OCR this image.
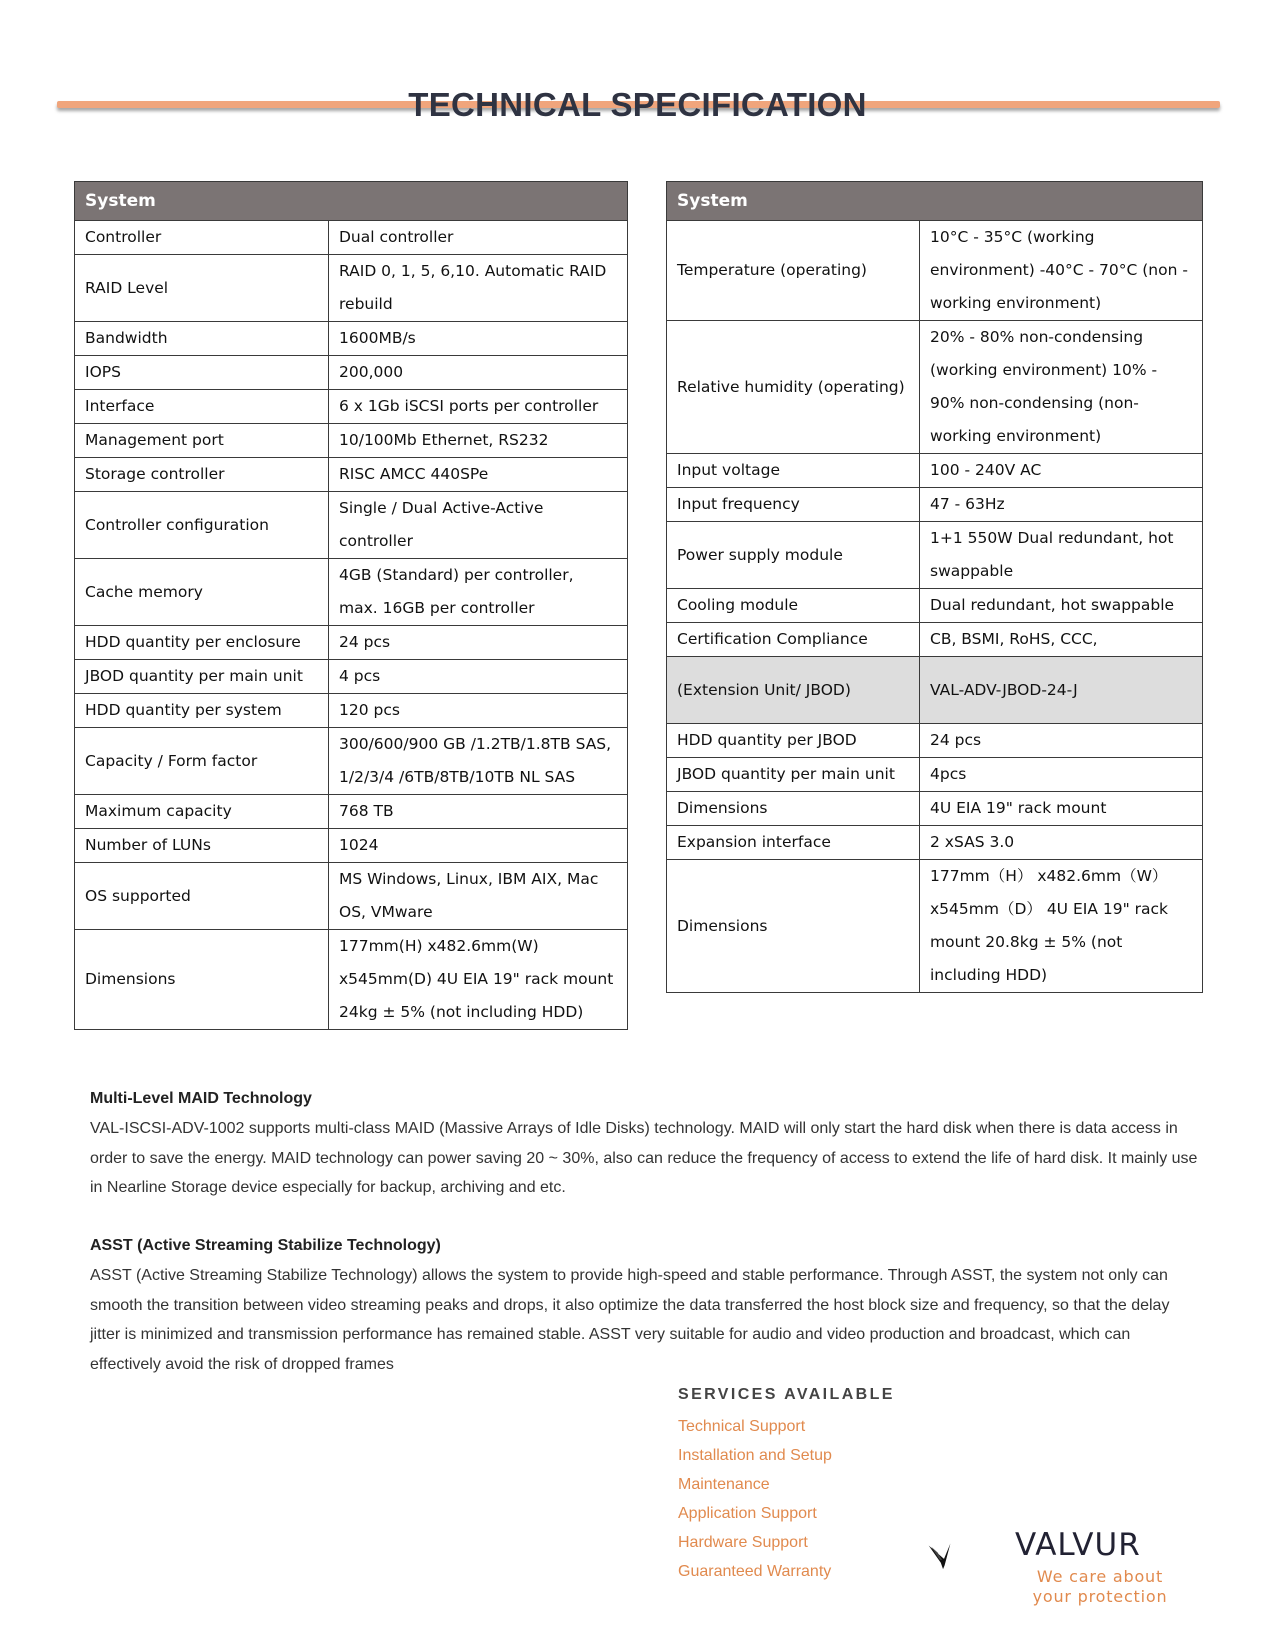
TECHNICAL SPECIFICATION
System	
Controller	Dual controller
RAID Level	RAID 0, 1, 5, 6,10. Automatic RAID rebuild
Bandwidth	1600MB/s
IOPS	200,000
Interface	6 x 1Gb iSCSI ports per controller
Management port	10/100Mb Ethernet, RS232
Storage controller	RISC AMCC 440SPe
Controller configuration	Single / Dual Active-Active controller
Cache memory	4GB (Standard) per controller, max. 16GB per controller
HDD quantity per enclosure	24 pcs
JBOD quantity per main unit	4 pcs
HDD quantity per system	120 pcs
Capacity / Form factor	300/600/900 GB /1.2TB/1.8TB SAS, 1/2/3/4 /6TB/8TB/10TB NL SAS
Maximum capacity	768 TB
Number of LUNs	1024
OS supported	MS Windows, Linux, IBM AIX, Mac OS, VMware
Dimensions	177mm(H) x482.6mm(W) x545mm(D) 4U EIA 19" rack mount 24kg ± 5% (not including HDD)
System	
Temperature (operating)	10°C - 35°C (working environment) -40°C - 70°C (non - working environment)
Relative humidity (operating)	20% - 80% non-condensing (working environment) 10% - 90% non-condensing (non-working environment)
Input voltage	100 - 240V AC
Input frequency	47 - 63Hz
Power supply module	1+1 550W Dual redundant, hot swappable
Cooling module	Dual redundant, hot swappable
Certification Compliance	CB, BSMI, RoHS, CCC,
(Extension Unit/ JBOD)	VAL-ADV-JBOD-24-J
HDD quantity per JBOD	24 pcs
JBOD quantity per main unit	4pcs
Dimensions	4U EIA 19" rack mount
Expansion interface	2 xSAS 3.0
Dimensions	177mm（H） x482.6mm（W） x545mm（D） 4U EIA 19" rack mount 20.8kg ± 5% (not including HDD)
Multi-Level MAID Technology

VAL-ISCSI-ADV-1002 supports multi-class MAID (Massive Arrays of Idle Disks) technology. MAID will only start the hard disk when there is data access in order to save the energy. MAID technology can power saving 20 ~ 30%, also can reduce the frequency of access to extend the life of hard disk. It mainly use in Nearline Storage device especially for backup, archiving and etc.

ASST (Active Streaming Stabilize Technology)

ASST (Active Streaming Stabilize Technology) allows the system to provide high-speed and stable performance. Through ASST, the system not only can smooth the transition between video streaming peaks and drops, it also optimize the data transferred the host block size and frequency, so that the delay jitter is minimized and transmission performance has remained stable. ASST very suitable for audio and video production and broadcast, which can effectively avoid the risk of dropped frames

SERVICES AVAILABLE
Technical Support
Installation and Setup
Maintenance
Application Support
Hardware Support
Guaranteed Warranty
VALVUR
We care about your protection
